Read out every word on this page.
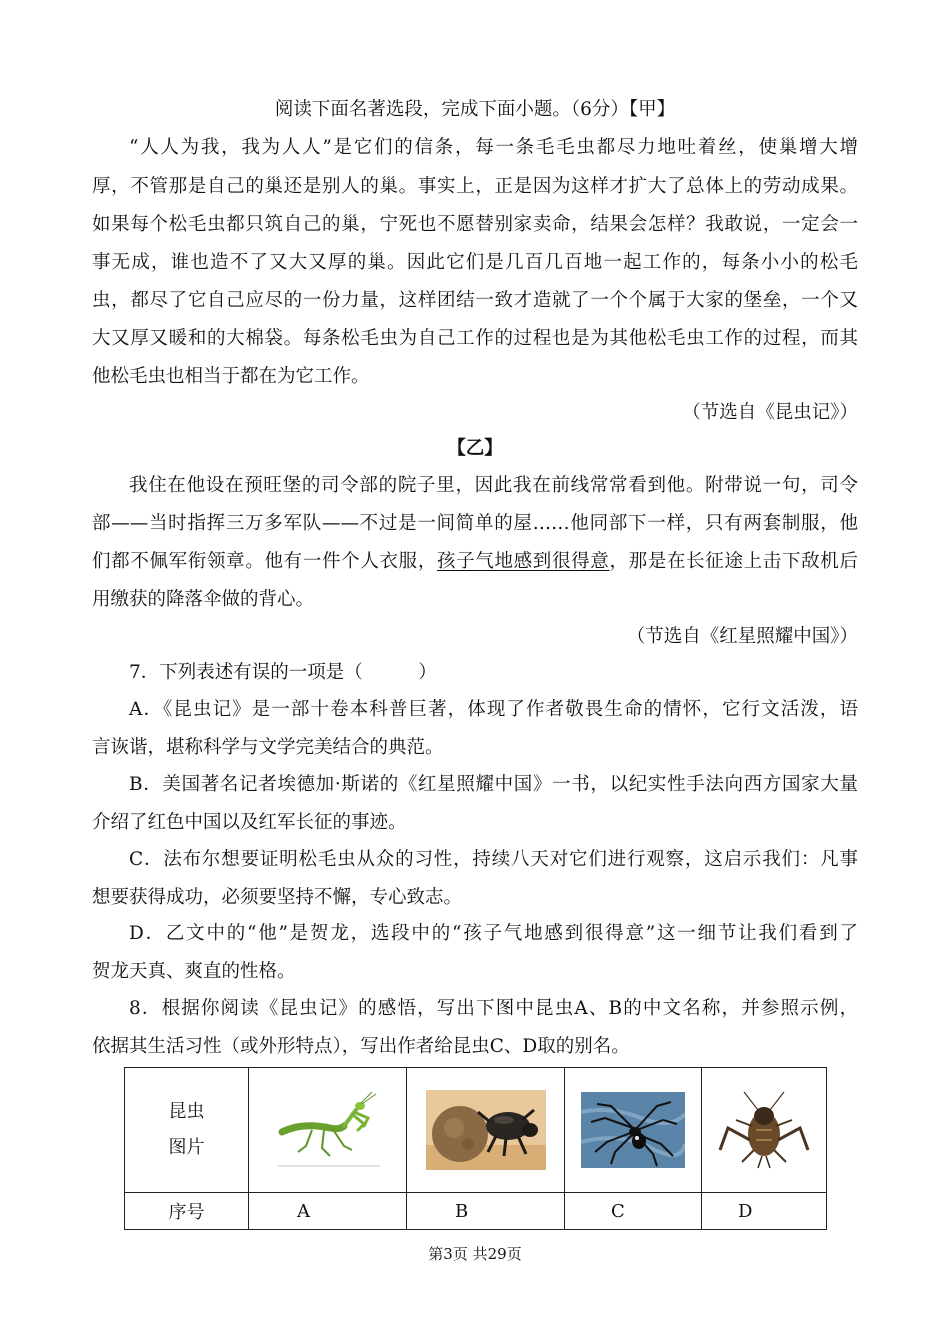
阅读下面名著选段，完成下面小题。（6分）【甲】
“人人为我，我为人人”是它们的信条，每一条毛毛虫都尽力地吐着丝，使巢增大增
厚，不管那是自己的巢还是别人的巢。事实上，正是因为这样才扩大了总体上的劳动成果。
如果每个松毛虫都只筑自己的巢，宁死也不愿替别家卖命，结果会怎样？我敢说，一定会一
事无成，谁也造不了又大又厚的巢。因此它们是几百几百地一起工作的，每条小小的松毛
虫，都尽了它自己应尽的一份力量，这样团结一致才造就了一个个属于大家的堡垒，一个又
大又厚又暖和的大棉袋。每条松毛虫为自己工作的过程也是为其他松毛虫工作的过程，而其
他松毛虫也相当于都在为它工作。
（节选自《昆虫记》）
【乙】
我住在他设在预旺堡的司令部的院子里，因此我在前线常常看到他。附带说一句，司令
部——当时指挥三万多军队——不过是一间简单的屋……他同部下一样，只有两套制服，他
们都不佩军衔领章。他有一件个人衣服，孩子气地感到很得意，那是在长征途上击下敌机后
用缴获的降落伞做的背心。
（节选自《红星照耀中国》）
7．下列表述有误的一项是（　　　）
A．《昆虫记》是一部十卷本科普巨著，体现了作者敬畏生命的情怀，它行文活泼，语
言诙谐，堪称科学与文学完美结合的典范。
B．美国著名记者埃德加·斯诺的《红星照耀中国》一书，以纪实性手法向西方国家大量
介绍了红色中国以及红军长征的事迹。
C．法布尔想要证明松毛虫从众的习性，持续八天对它们进行观察，这启示我们：凡事
想要获得成功，必须要坚持不懈，专心致志。
D．乙文中的“他”是贺龙，选段中的“孩子气地感到很得意”这一细节让我们看到了
贺龙天真、爽直的性格。
8．根据你阅读《昆虫记》的感悟，写出下图中昆虫A、B的中文名称，并参照示例，
依据其生活习性（或外形特点），写出作者给昆虫C、D取的别名。
昆虫
图片

序号	A	B	C	D
第3页 共29页
